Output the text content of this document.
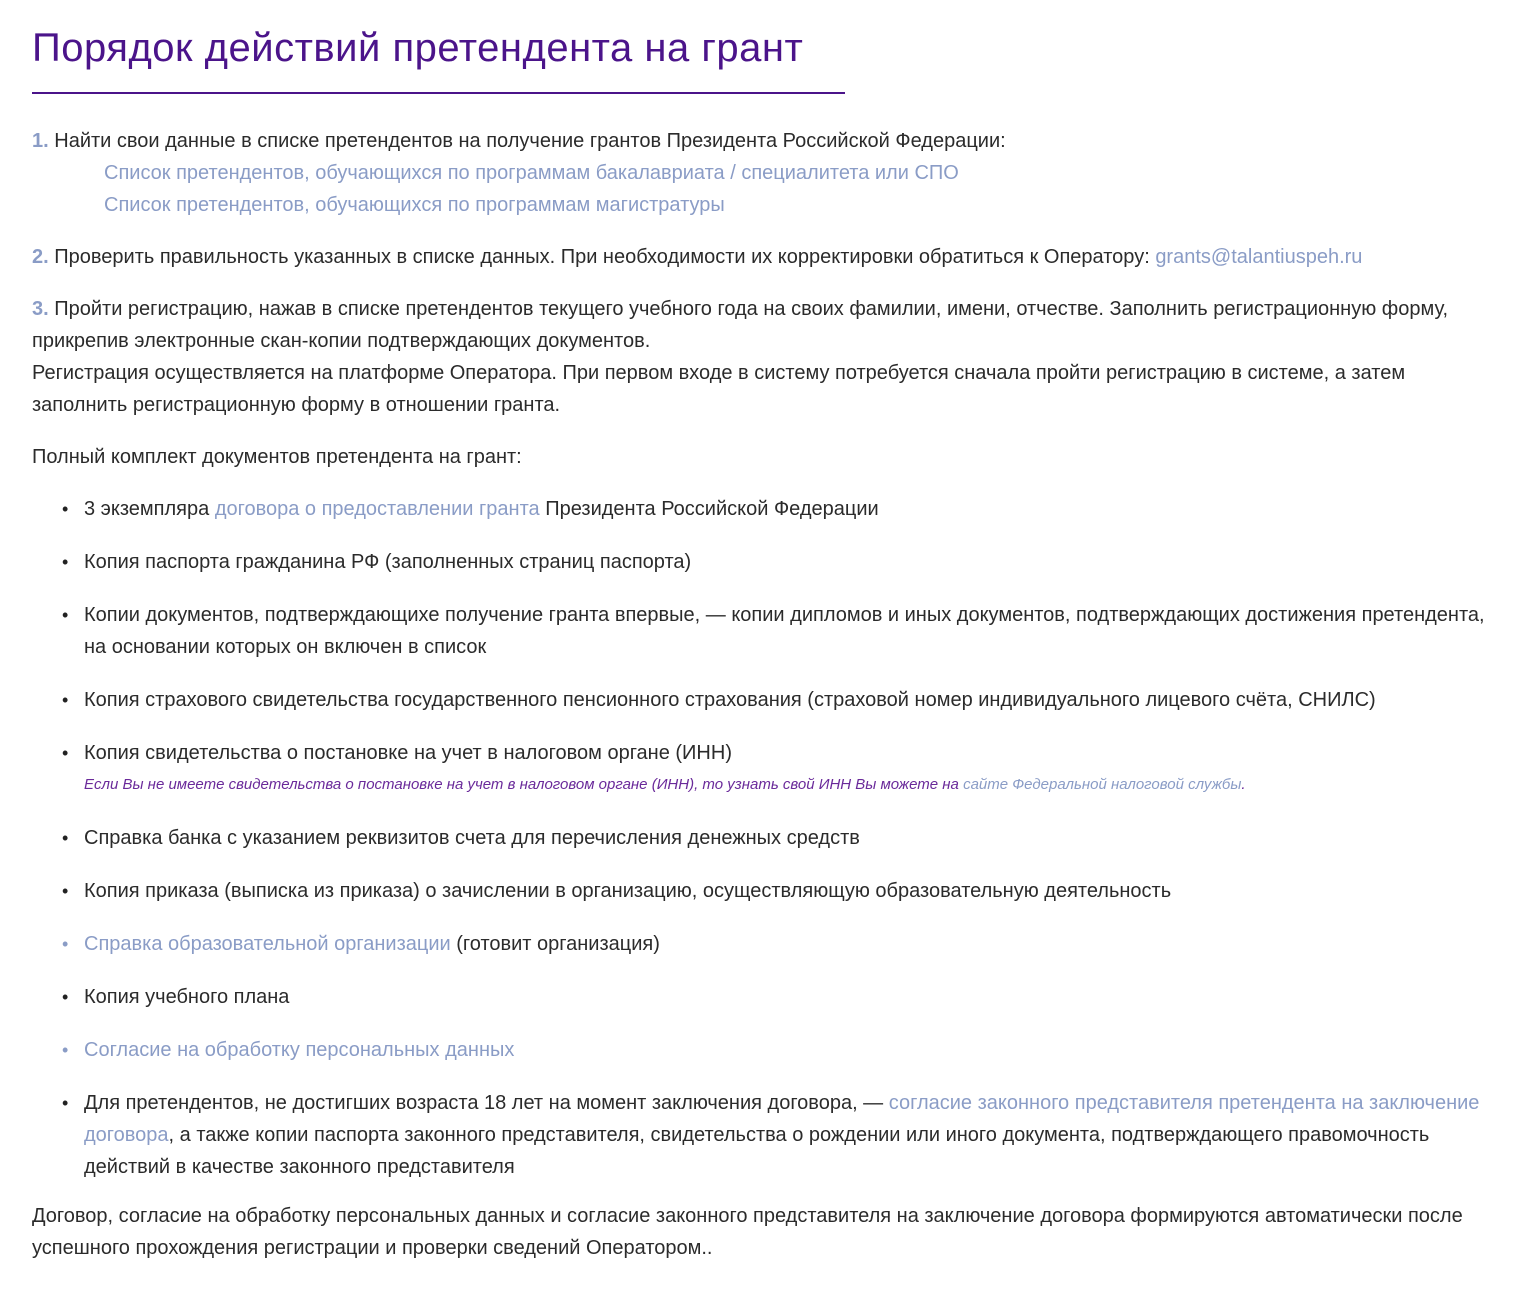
Порядок действий претендента на грант
1. Найти свои данные в списке претендентов на получение грантов Президента Российской Федерации:
Список претендентов, обучающихся по программам бакалавриата / специалитета или СПО
Список претендентов, обучающихся по программам магистратуры
2. Проверить правильность указанных в списке данных. При необходимости их корректировки обратиться к Оператору: grants@talantiuspeh.ru
3. Пройти регистрацию, нажав в списке претендентов текущего учебного года на своих фамилии, имени, отчестве. Заполнить регистрационную форму, прикрепив электронные скан-копии подтверждающих документов.
Регистрация осуществляется на платформе Оператора. При первом входе в систему потребуется сначала пройти регистрацию в системе, а затем заполнить регистрационную форму в отношении гранта.
Полный комплект документов претендента на грант:
• 3 экземпляра договора о предоставлении гранта Президента Российской Федерации
• Копия паспорта гражданина РФ (заполненных страниц паспорта)
• Копии документов, подтверждающихе получение гранта впервые, — копии дипломов и иных документов, подтверждающих достижения претендента, на основании которых он включен в список
• Копия страхового свидетельства государственного пенсионного страхования (страховой номер индивидуального лицевого счёта, СНИЛС)
• Копия свидетельства о постановке на учет в налоговом органе (ИНН)
Если Вы не имеете свидетельства о постановке на учет в налоговом органе (ИНН), то узнать свой ИНН Вы можете на сайте Федеральной налоговой службы.
• Справка банка с указанием реквизитов счета для перечисления денежных средств
• Копия приказа (выписка из приказа) о зачислении в организацию, осуществляющую образовательную деятельность
• Справка образовательной организации (готовит организация)
• Копия учебного плана
• Согласие на обработку персональных данных
• Для претендентов, не достигших возраста 18 лет на момент заключения договора, — согласие законного представителя претендента на заключение договора, а также копии паспорта законного представителя, свидетельства о рождении или иного документа, подтверждающего правомочность действий в качестве законного представителя
Договор, согласие на обработку персональных данных и согласие законного представителя на заключение договора формируются автоматически после успешного прохождения регистрации и проверки сведений Оператором..
